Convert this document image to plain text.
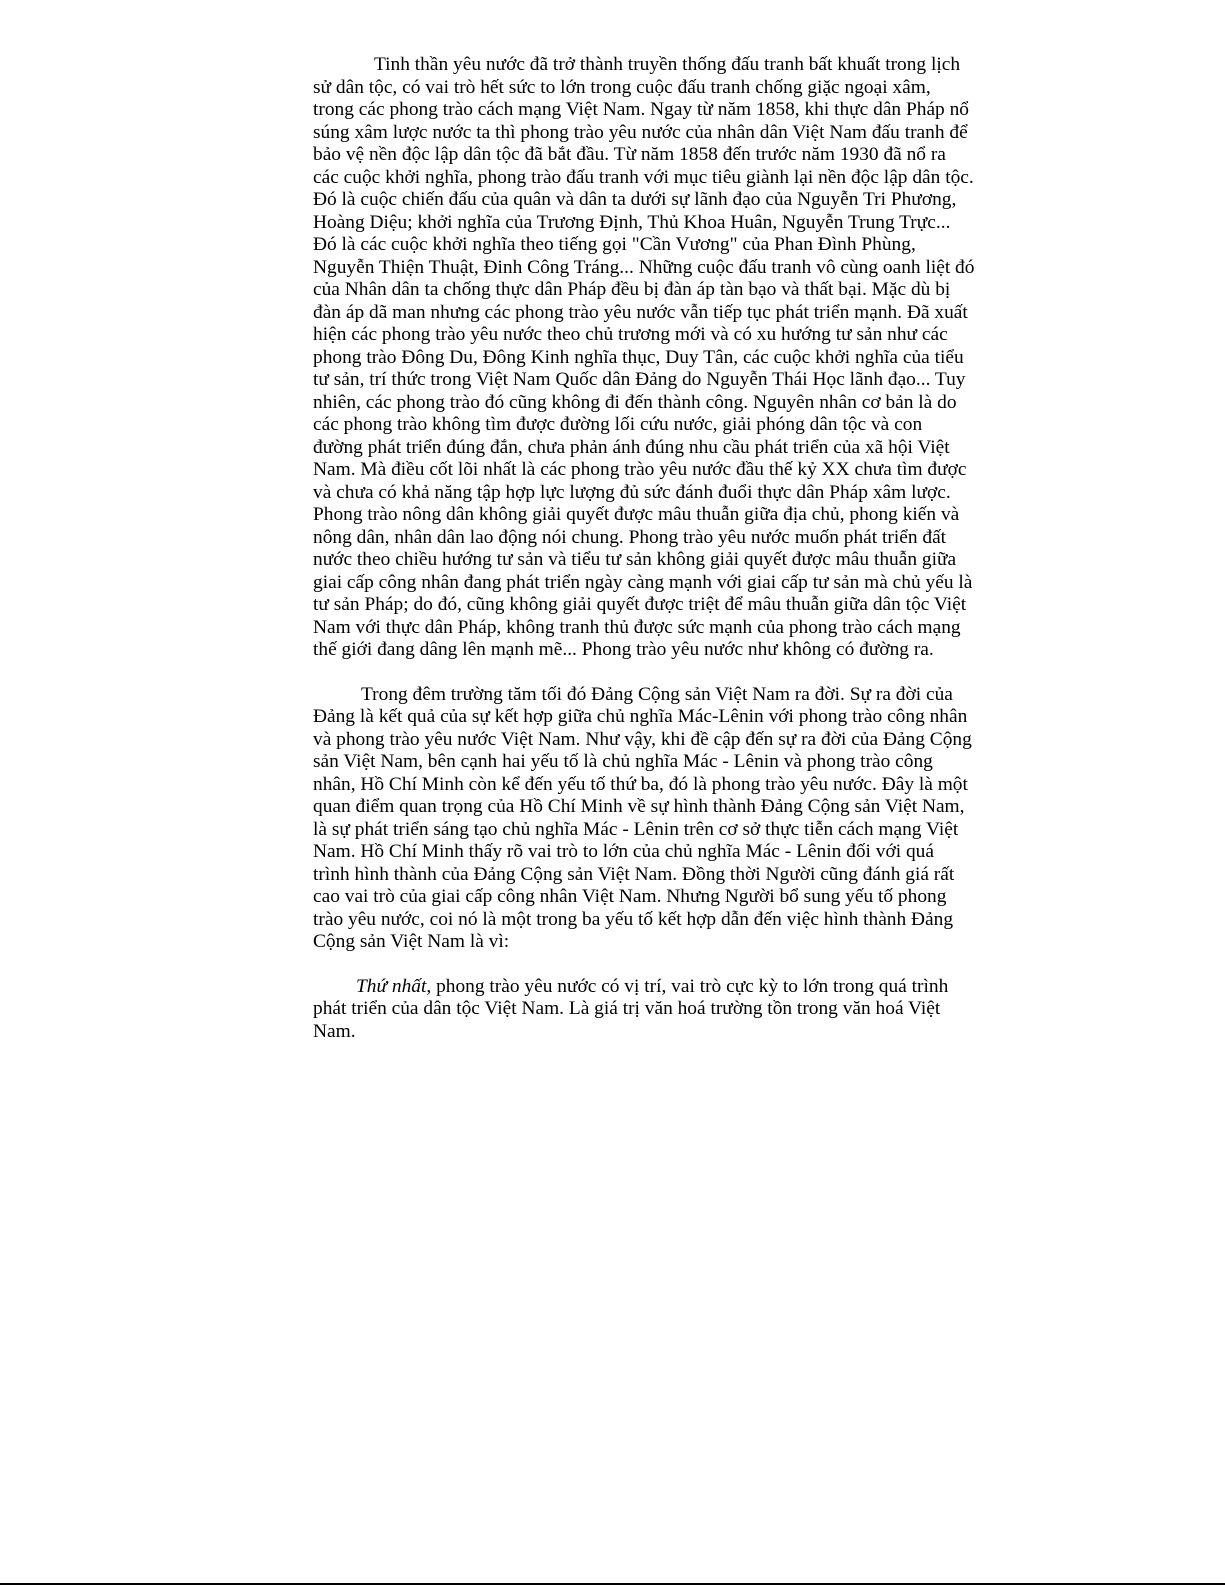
Tinh thần yêu nước đã trở thành truyền thống đấu tranh bất khuất trong lịch sử dân tộc, có vai trò hết sức to lớn trong cuộc đấu tranh chống giặc ngoại xâm, trong các phong trào cách mạng Việt Nam. Ngay từ năm 1858, khi thực dân Pháp nổ súng xâm lược nước ta thì phong trào yêu nước của nhân dân Việt Nam đấu tranh để bảo vệ nền độc lập dân tộc đã bắt đầu. Từ năm 1858 đến trước năm 1930 đã nổ ra các cuộc khởi nghĩa, phong trào đấu tranh với mục tiêu giành lại nền độc lập dân tộc. Đó là cuộc chiến đấu của quân và dân ta dưới sự lãnh đạo của Nguyễn Tri Phương, Hoàng Diệu; khởi nghĩa của Trương Định, Thủ Khoa Huân, Nguyễn Trung Trực... Đó là các cuộc khởi nghĩa theo tiếng gọi "Cần Vương" của Phan Đình Phùng, Nguyễn Thiện Thuật, Đinh Công Tráng... Những cuộc đấu tranh vô cùng oanh liệt đó của Nhân dân ta chống thực dân Pháp đều bị đàn áp tàn bạo và thất bại. Mặc dù bị đàn áp dã man nhưng các phong trào yêu nước vẫn tiếp tục phát triển mạnh. Đã xuất hiện các phong trào yêu nước theo chủ trương mới và có xu hướng tư sản như các phong trào Đông Du, Đông Kinh nghĩa thục, Duy Tân, các cuộc khởi nghĩa của tiểu tư sản, trí thức trong Việt Nam Quốc dân Đảng do Nguyễn Thái Học lãnh đạo... Tuy nhiên, các phong trào đó cũng không đi đến thành công. Nguyên nhân cơ bản là do các phong trào không tìm được đường lối cứu nước, giải phóng dân tộc và con đường phát triển đúng đắn, chưa phản ánh đúng nhu cầu phát triển của xã hội Việt Nam. Mà điều cốt lõi nhất là các phong trào yêu nước đầu thế kỷ XX chưa tìm được và chưa có khả năng tập hợp lực lượng đủ sức đánh đuổi thực dân Pháp xâm lược. Phong trào nông dân không giải quyết được mâu thuẫn giữa địa chủ, phong kiến và nông dân, nhân dân lao động nói chung. Phong trào yêu nước muốn phát triển đất nước theo chiều hướng tư sản và tiểu tư sản không giải quyết được mâu thuẫn giữa giai cấp công nhân đang phát triển ngày càng mạnh với giai cấp tư sản mà chủ yếu là tư sản Pháp; do đó, cũng không giải quyết được triệt để mâu thuẫn giữa dân tộc Việt Nam với thực dân Pháp, không tranh thủ được sức mạnh của phong trào cách mạng thế giới đang dâng lên mạnh mẽ... Phong trào yêu nước như không có đường ra.

Trong đêm trường tăm tối đó Đảng Cộng sản Việt Nam ra đời. Sự ra đời của Đảng là kết quả của sự kết hợp giữa chủ nghĩa Mác-Lênin với phong trào công nhân và phong trào yêu nước Việt Nam. Như vậy, khi đề cập đến sự ra đời của Đảng Cộng sản Việt Nam, bên cạnh hai yếu tố là chủ nghĩa Mác - Lênin và phong trào công nhân, Hồ Chí Minh còn kể đến yếu tố thứ ba, đó là phong trào yêu nước. Đây là một quan điểm quan trọng của Hồ Chí Minh về sự hình thành Đảng Cộng sản Việt Nam, là sự phát triển sáng tạo chủ nghĩa Mác - Lênin trên cơ sở thực tiễn cách mạng Việt Nam. Hồ Chí Minh thấy rõ vai trò to lớn của chủ nghĩa Mác - Lênin đối với quá trình hình thành của Đảng Cộng sản Việt Nam. Đồng thời Người cũng đánh giá rất cao vai trò của giai cấp công nhân Việt Nam. Nhưng Người bổ sung yếu tố phong trào yêu nước, coi nó là một trong ba yếu tố kết hợp dẫn đến việc hình thành Đảng Cộng sản Việt Nam là vì:

Thứ nhất, phong trào yêu nước có vị trí, vai trò cực kỳ to lớn trong quá trình phát triển của dân tộc Việt Nam. Là giá trị văn hoá trường tồn trong văn hoá Việt Nam.
